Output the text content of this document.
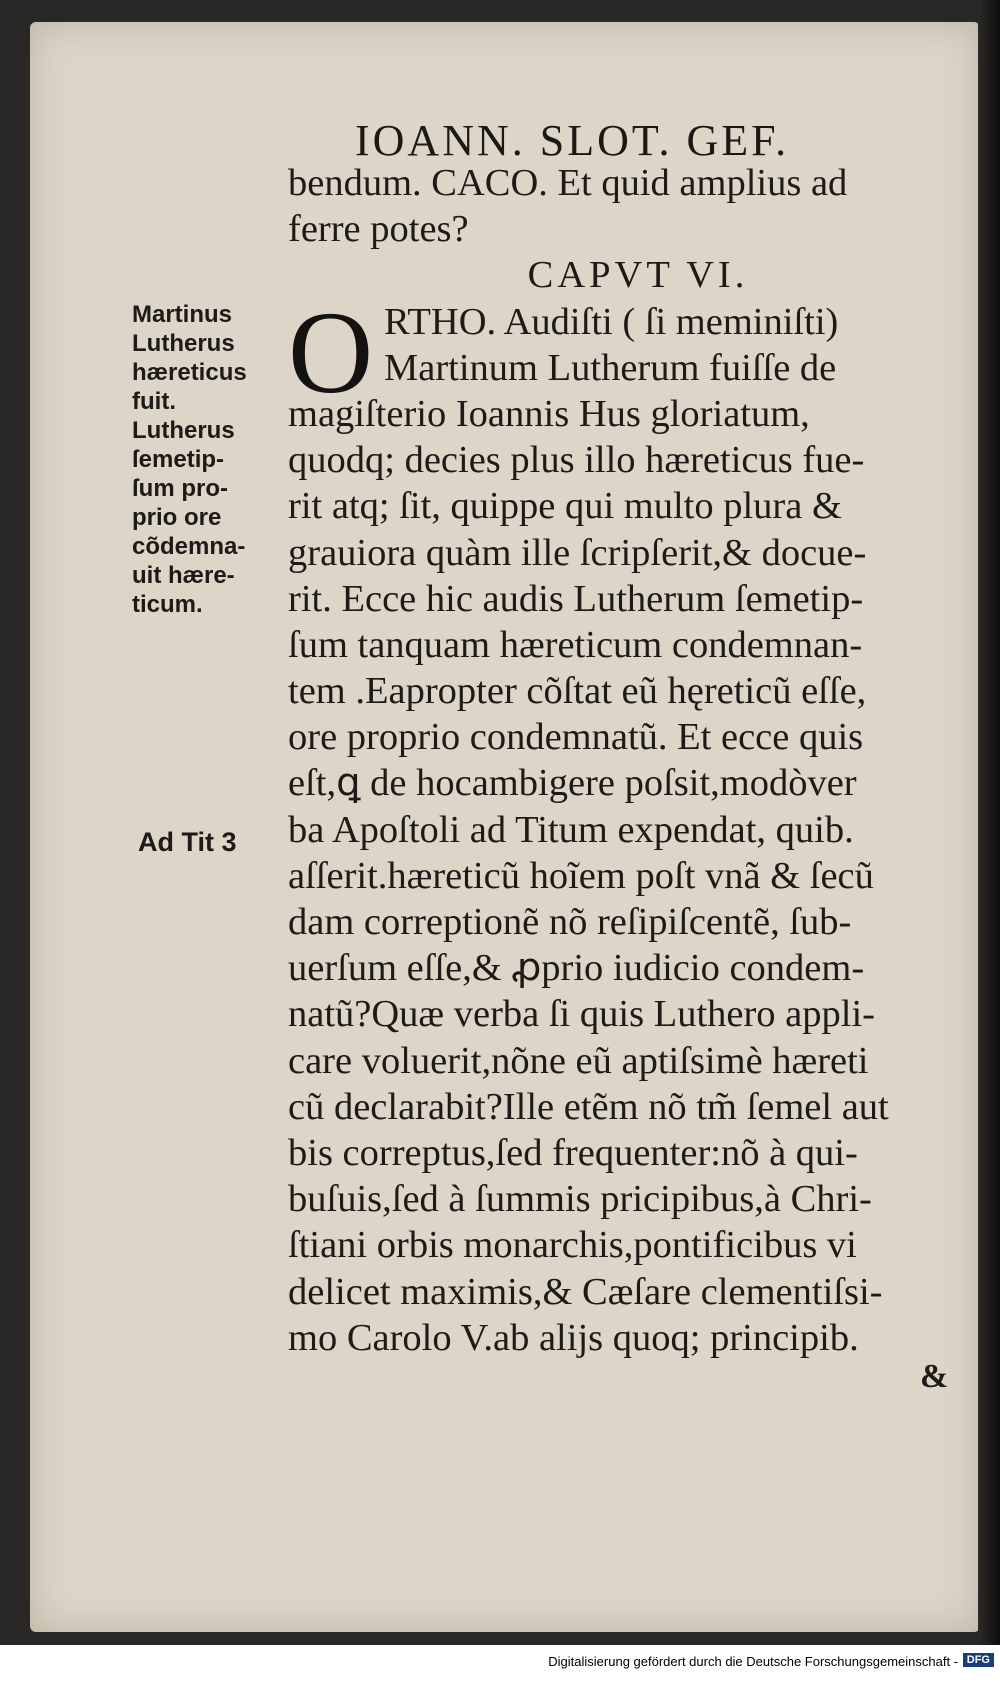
IOANN. SLOT. GEF.
O
bendum. CACO. Et quid amplius ad
ferre potes?
CAPVT VI.
RTHO. Audiſti ( ſi meminiſti)
Martinum Lutherum fuiſſe de
magiſterio Ioannis Hus gloriatum,
quodq; decies plus illo hæreticus fue-
rit atq; ſit, quippe qui multo plura &
grauiora quàm ille ſcripſerit,& docue-
rit. Ecce hic audis Lutherum ſemetip-
ſum tanquam hæreticum condemnan-
tem .Eapropter cõſtat eũ hęreticũ eſſe,
ore proprio condemnatũ. Et ecce quis
eſt,ꝗ de hocambigere poſsit,modòver
ba Apoſtoli ad Titum expendat, quib.
aſſerit.hæreticũ hoĩem poſt vnã & ſecũ
dam correptionẽ nõ reſipiſcentẽ, ſub-
uerſum eſſe,& ꝓprio iudicio condem-
natũ?Quæ verba ſi quis Luthero appli-
care voluerit,nõne eũ aptiſsimè hæreti
cũ declarabit?Ille etẽm nõ tm̃ ſemel aut
bis correptus,ſed frequenter:nõ à qui-
buſuis,ſed à ſummis pricipibus,à Chri-
ſtiani orbis monarchis,pontificibus vi
delicet maximis,& Cæſare clementiſsi-
mo Carolo V.ab alijs quoq; principib.
Martinus
Lutherus
hæreticus
fuit.
Lutherus
ſemetip-
ſum pro-
prio ore
cõdemna-
uit hære-
ticum.
Ad Tit 3
&
Digitalisierung gefördert durch die Deutsche Forschungsgemeinschaft - DFG
